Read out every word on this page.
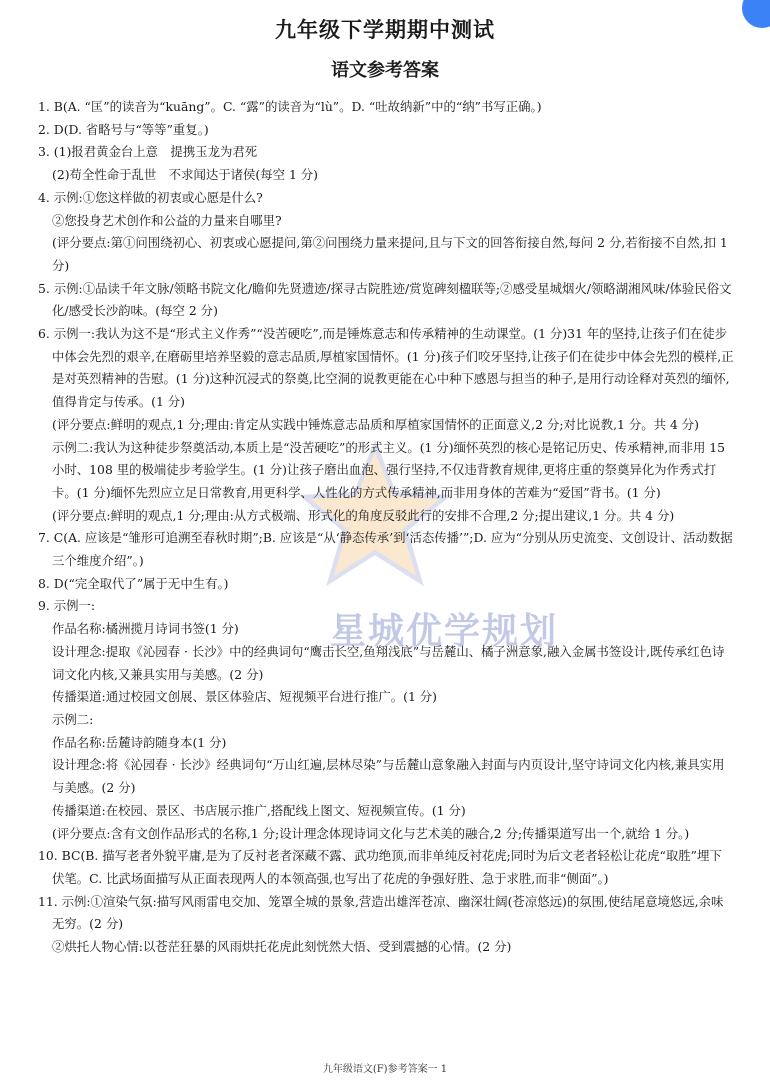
九年级下学期期中测试
语文参考答案
星城优学规划

1. B(A. “匡”的读音为“kuāng”。C. “露”的读音为“lù”。D. “吐故纳新”中的“纳”书写正确。)

2. D(D. 省略号与“等等”重复。)

3. (1)报君黄金台上意　提携玉龙为君死

(2)苟全性命于乱世　不求闻达于诸侯(每空 1 分)

4. 示例:①您这样做的初衷或心愿是什么?

②您投身艺术创作和公益的力量来自哪里?

(评分要点:第①问围绕初心、初衷或心愿提问,第②问围绕力量来提问,且与下文的回答衔接自然,每问 2 分,若衔接不自然,扣 1 分)

5. 示例:①品读千年文脉/领略书院文化/瞻仰先贤遗迹/探寻古院胜迹/赏览碑刻楹联等;②感受星城烟火/领略湖湘风味/体验民俗文化/感受长沙韵味。(每空 2 分)

6. 示例一:我认为这不是“形式主义作秀”“没苦硬吃”,而是锤炼意志和传承精神的生动课堂。(1 分)31 年的坚持,让孩子们在徒步中体会先烈的艰辛,在磨砺里培养坚毅的意志品质,厚植家国情怀。(1 分)孩子们咬牙坚持,让孩子们在徒步中体会先烈的模样,正是对英烈精神的告慰。(1 分)这种沉浸式的祭奠,比空洞的说教更能在心中种下感恩与担当的种子,是用行动诠释对英烈的缅怀,值得肯定与传承。(1 分)

(评分要点:鲜明的观点,1 分;理由:肯定从实践中锤炼意志品质和厚植家国情怀的正面意义,2 分;对比说教,1 分。共 4 分)

示例二:我认为这种徒步祭奠活动,本质上是“没苦硬吃”的形式主义。(1 分)缅怀英烈的核心是铭记历史、传承精神,而非用 15 小时、108 里的极端徒步考验学生。(1 分)让孩子磨出血泡、强行坚持,不仅违背教育规律,更将庄重的祭奠异化为作秀式打卡。(1 分)缅怀先烈应立足日常教育,用更科学、人性化的方式传承精神,而非用身体的苦难为“爱国”背书。(1 分)

(评分要点:鲜明的观点,1 分;理由:从方式极端、形式化的角度反驳此行的安排不合理,2 分;提出建议,1 分。共 4 分)

7. C(A. 应该是“雏形可追溯至春秋时期”;B. 应该是“从‘静态传承’到‘活态传播’”;D. 应为“分别从历史流变、文创设计、活动数据三个维度介绍”。)

8. D(“完全取代了”属于无中生有。)

9. 示例一:

作品名称:橘洲揽月诗词书签(1 分)

设计理念:提取《沁园春 · 长沙》中的经典词句“鹰击长空,鱼翔浅底”与岳麓山、橘子洲意象,融入金属书签设计,既传承红色诗词文化内核,又兼具实用与美感。(2 分)

传播渠道:通过校园文创展、景区体验店、短视频平台进行推广。(1 分)

示例二:

作品名称:岳麓诗韵随身本(1 分)

设计理念:将《沁园春 · 长沙》经典词句“万山红遍,层林尽染”与岳麓山意象融入封面与内页设计,坚守诗词文化内核,兼具实用与美感。(2 分)

传播渠道:在校园、景区、书店展示推广,搭配线上图文、短视频宣传。(1 分)

(评分要点:含有文创作品形式的名称,1 分;设计理念体现诗词文化与艺术美的融合,2 分;传播渠道写出一个,就给 1 分。)

10. BC(B. 描写老者外貌平庸,是为了反衬老者深藏不露、武功绝顶,而非单纯反衬花虎;同时为后文老者轻松让花虎“取胜”埋下伏笔。C. 比武场面描写从正面表现两人的本领高强,也写出了花虎的争强好胜、急于求胜,而非“侧面”。)

11. 示例:①渲染气氛:描写风雨雷电交加、笼罩全城的景象,营造出雄浑苍凉、幽深壮阔(苍凉悠远)的氛围,使结尾意境悠远,余味无穷。(2 分)

②烘托人物心情:以苍茫狂暴的风雨烘托花虎此刻恍然大悟、受到震撼的心情。(2 分)

九年级语文(F)参考答案一 1
